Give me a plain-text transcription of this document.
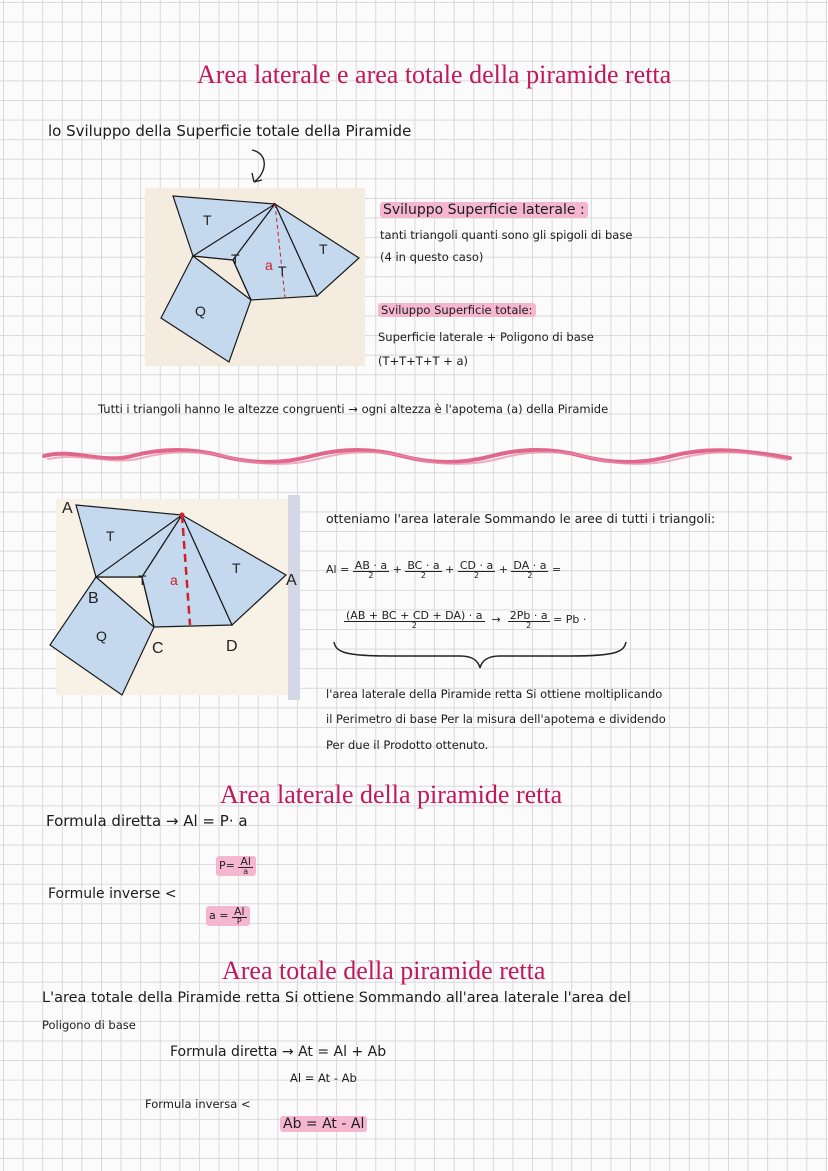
Area laterale e area totale della piramide retta
lo Sviluppo della Superficie totale della Piramide
T
T a T
T
Q
Sviluppo Superficie laterale :
tanti triangoli quanti sono gli spigoli di base
(4 in questo caso)
Sviluppo Superficie totale:
Superficie laterale + Poligono di base
(T+T+T+T + a)
Tutti i triangoli hanno le altezze congruenti → ogni altezza è l'apotema (a) della Piramide
A
B
C	D
A
T
T a
T
Q
otteniamo l'area laterale Sommando le aree di tutti i triangoli:
$Al = \frac{AB \cdot a}{2} + \frac{BC \cdot a}{2} + \frac{CD \cdot a}{2} + \frac{DA \cdot a}{2}$ =
$\frac{(AB + BC + CD + DA) \cdot a}{2} \to \frac{2Pb \cdot a}{2} = Pb$ ·
l'area laterale della Piramide retta Si ottiene moltiplicando
il Perimetro di base Per la misura dell'apotema e dividendo
Per due il Prodotto ottenuto.
Area laterale della piramide retta
Formula diretta → Al = P· a
$P= \frac{Al}{a}$
Formule inverse <
$a = \frac{Al}{P}$
Area totale della piramide retta
L'area totale della Piramide retta Si ottiene Sommando all'area laterale l'area del
Poligono di base
Formula diretta → At = Al + Ab
Al = At - Ab
Formula inversa <
Ab = At - Al
